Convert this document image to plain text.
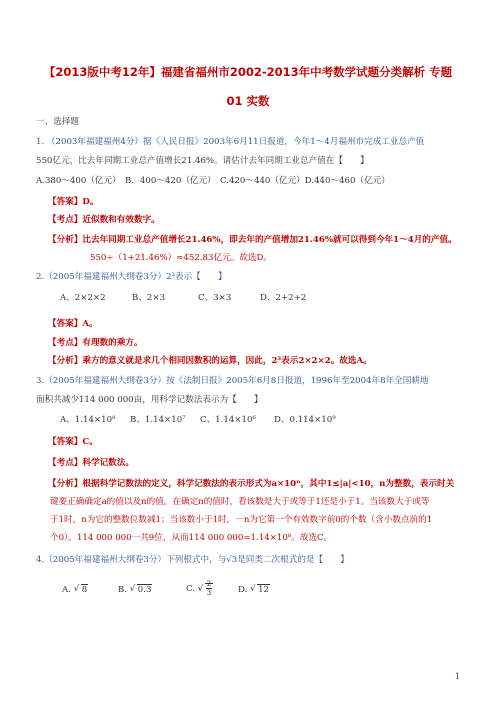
【2013版中考12年】福建省福州市2002-2013年中考数学试题分类解析 专题
01 实数
一、选择题
1. （2003年福建福州4分）据《人民日报》2003年6月11日报道，今年1～4月福州市完成工业总产值
550亿元，比去年同期工业总产值增长21.46%。请估计去年同期工业总产值在【　　】
A.380～400（亿元）　B．400～420（亿元）　C.420～440（亿元）D.440～460（亿元）
【答案】D。
【考点】近似数和有效数字。
【分析】比去年同期工业总产值增长21.46%，即去年的产值增加21.46%就可以得到今年1～4月的产值。
550÷（1+21.46%）≈452.83亿元。故选D。
2.（2005年福建福州大纲卷3分）2³表示【　　】
A、2×2×2	B、2×3	C、3×3	D、2+2+2
【答案】A。
【考点】有理数的乘方。
【分析】乘方的意义就是求几个相同因数积的运算，因此，2³表示2×2×2。故选A。
3.（2005年福建福州大纲卷3分）按《法制日报》2005年6月8日报道，1996年至2004年8年全国耕地
面积共减少114 000 000亩，用科学记数法表示为【　　】
A、1.14×10⁸ B、1.14×10⁷ C、1.14×10⁶ D、0.114×10⁹
【答案】C。
【考点】科学记数法。
【分析】根据科学记数法的定义，科学记数法的表示形式为a×10ⁿ，其中1≤|a|<10，n为整数，表示时关
键要正确确定a的值以及n的值。在确定n的值时，看该数是大于或等于1还是小于1。当该数大于或等
于1时，n为它的整数位数减1；当该数小于1时，－n为它第一个有效数字前0的个数（含小数点前的1
个0）。114 000 000一共9位，从而114 000 000=1.14×10⁸。故选C。
4.（2005年福建福州大纲卷3分）下列根式中，与√3是同类二次根式的是【　　】
A. √ 8	B. √ 0.3	C. √ $\frac{2}{3}$	D. √ 12
1
